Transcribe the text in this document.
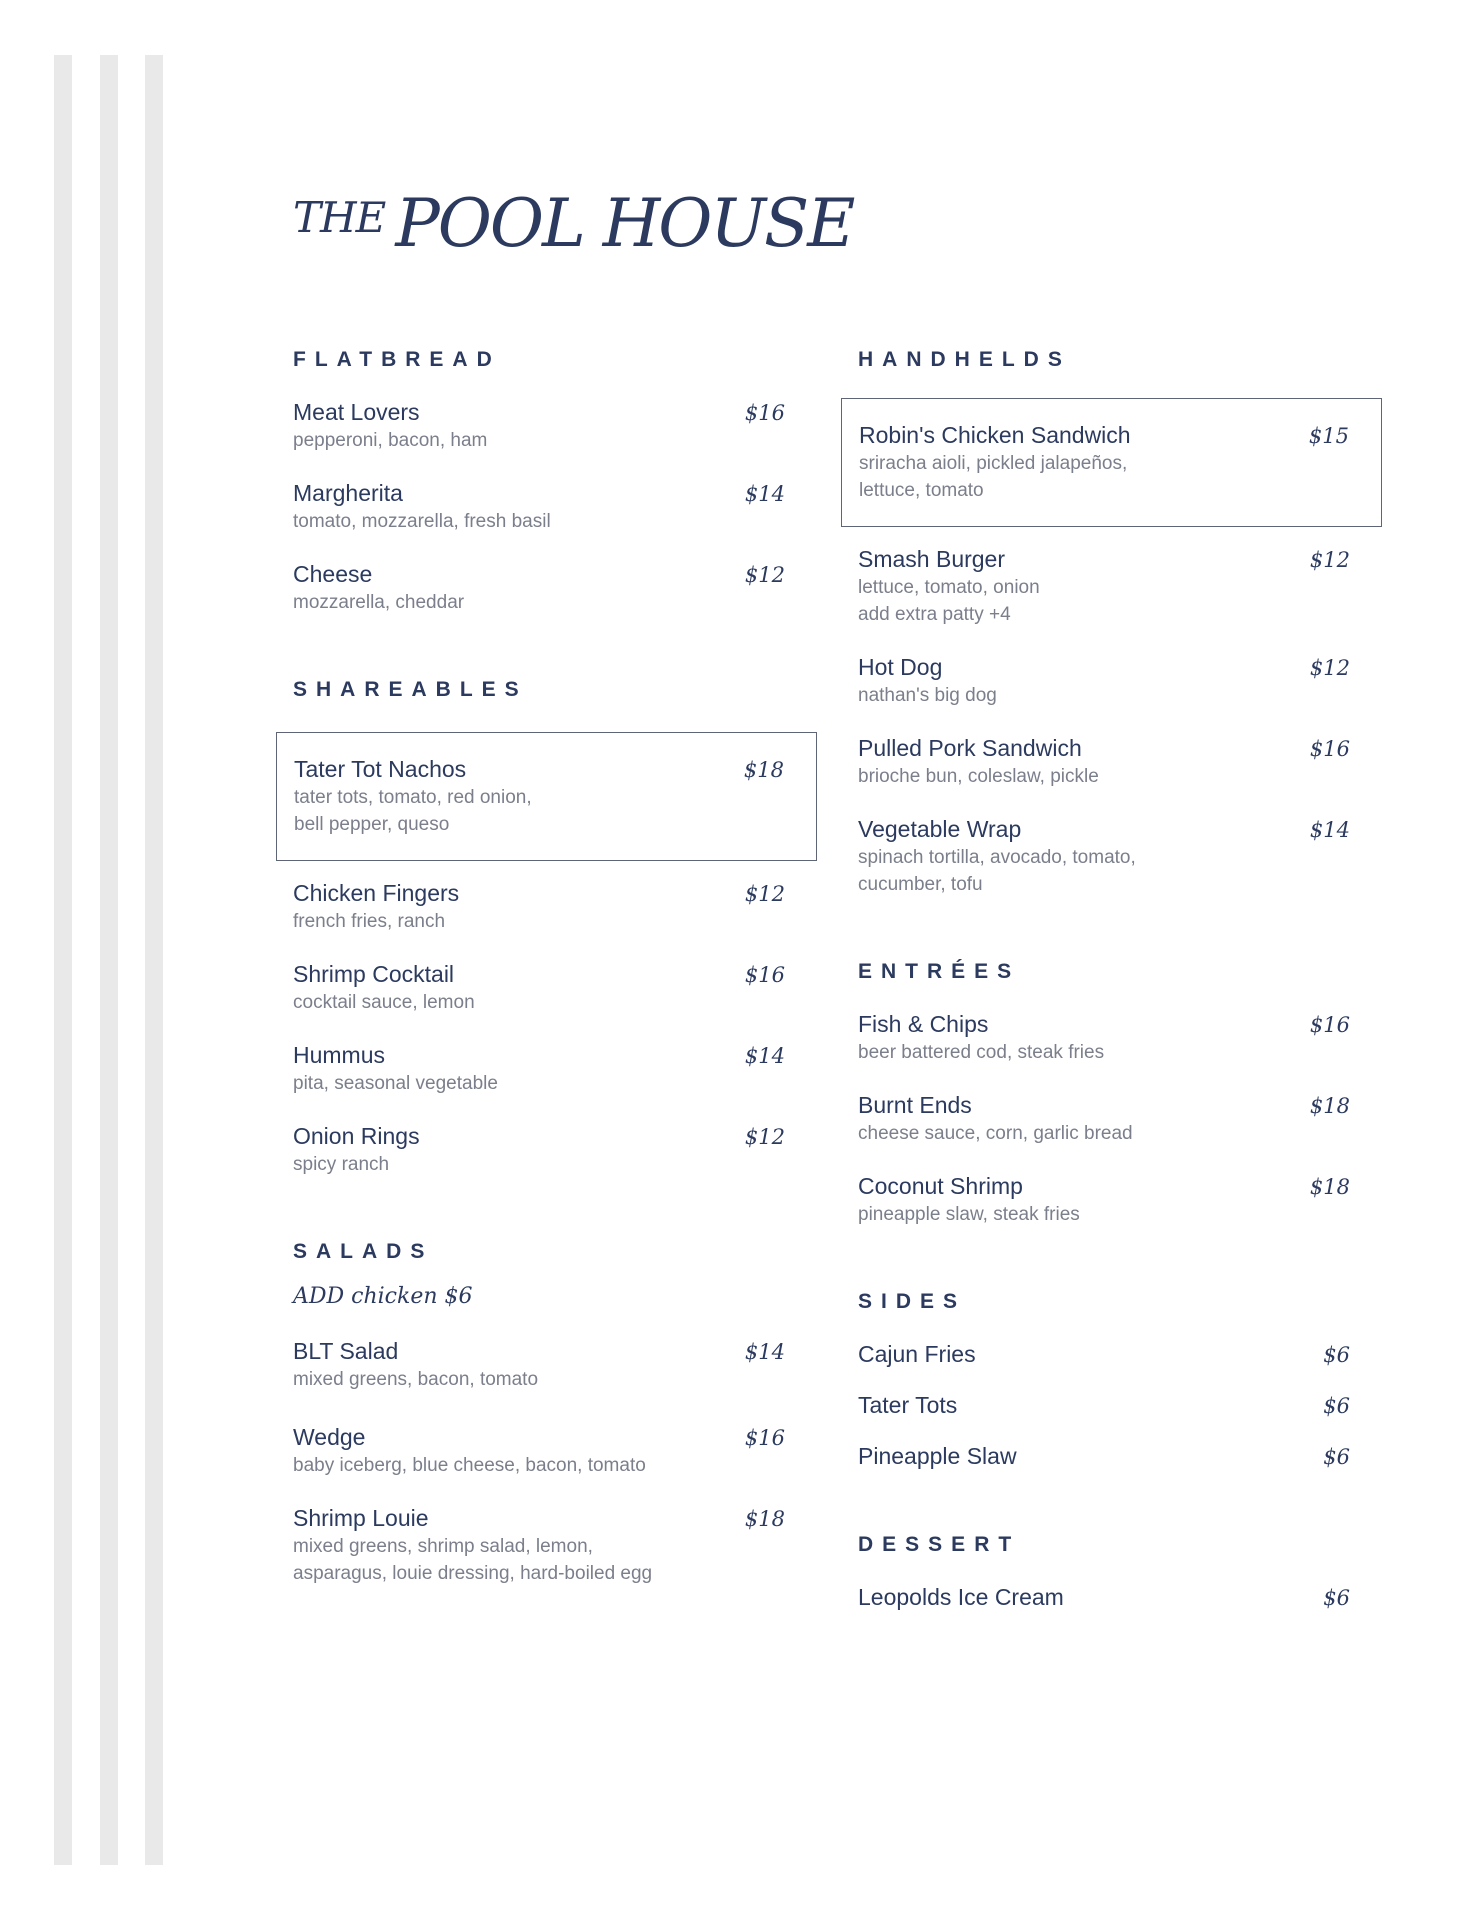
THE POOL HOUSE
FLATBREAD
Meat Lovers	$16
pepperoni, bacon, ham
Margherita	$14
tomato, mozzarella, fresh basil
Cheese	$12
mozzarella, cheddar
SHAREABLES
Tater Tot Nachos	$18
tater tots, tomato, red onion,
bell pepper, queso
Chicken Fingers	$12
french fries, ranch
Shrimp Cocktail	$16
cocktail sauce, lemon
Hummus	$14
pita, seasonal vegetable
Onion Rings	$12
spicy ranch
SALADS
ADD chicken $6
BLT Salad	$14
mixed greens, bacon, tomato
Wedge	$16
baby iceberg, blue cheese, bacon, tomato
Shrimp Louie	$18
mixed greens, shrimp salad, lemon,
asparagus, louie dressing, hard-boiled egg
HANDHELDS
Robin's Chicken Sandwich	$15
sriracha aioli, pickled jalapeños,
lettuce, tomato
Smash Burger	$12
lettuce, tomato, onion
add extra patty +4
Hot Dog	$12
nathan's big dog
Pulled Pork Sandwich	$16
brioche bun, coleslaw, pickle
Vegetable Wrap	$14
spinach tortilla, avocado, tomato,
cucumber, tofu
ENTRÉES
Fish & Chips	$16
beer battered cod, steak fries
Burnt Ends	$18
cheese sauce, corn, garlic bread
Coconut Shrimp	$18
pineapple slaw, steak fries
SIDES
Cajun Fries	$6
Tater Tots	$6
Pineapple Slaw	$6
DESSERT
Leopolds Ice Cream	$6
